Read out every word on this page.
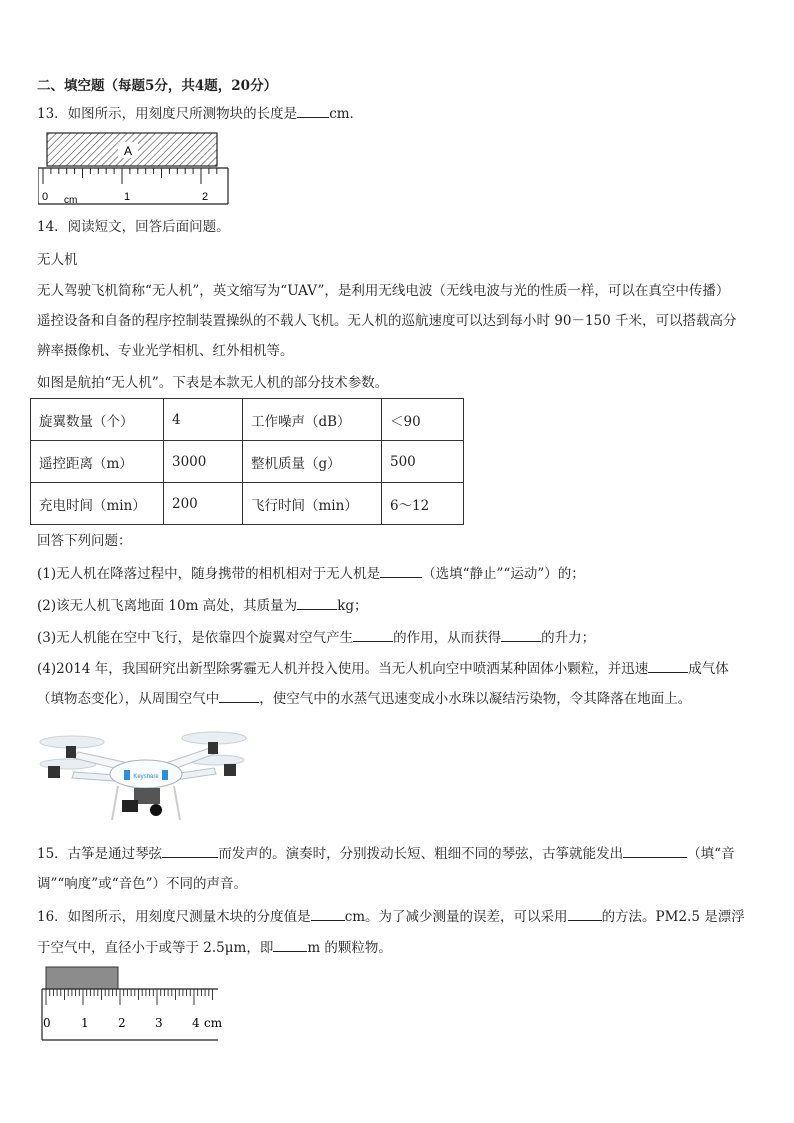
二、填空题（每题5分，共4题，20分）
13．如图所示，用刻度尺所测物块的长度是 cm．
A
0 cm	1	2
14．阅读短文，回答后面问题。
无人机
无人驾驶飞机简称“无人机”，英文缩写为“UAV”，是利用无线电波（无线电波与光的性质一样，可以在真空中传播）
遥控设备和自备的程序控制装置操纵的不载人飞机。无人机的巡航速度可以达到每小时 90－150 千米，可以搭载高分
辨率摄像机、专业光学相机、红外相机等。
如图是航拍“无人机”。下表是本款无人机的部分技术参数。
旋翼数量（个）	4	工作噪声（dB）	＜90
遥控距离（m）	3000	整机质量（g）	500
充电时间（min）	200	飞行时间（min）	6～12
回答下列问题：
(1)无人机在降落过程中，随身携带的相机相对于无人机是	（选填“静止”“运动”）的；
(2)该无人机飞离地面 10m 高处，其质量为	kg；
(3)无人机能在空中飞行，是依靠四个旋翼对空气产生	的作用，从而获得	的升力；
(4)2014 年，我国研究出新型除雾霾无人机并投入使用。当无人机向空中喷洒某种固体小颗粒，并迅速	成气体
（填物态变化），从周围空气中	，使空气中的水蒸气迅速变成小水珠以凝结污染物，令其降落在地面上。
Keyshare
15．古筝是通过琴弦	而发声的。演奏时，分别拨动长短、粗细不同的琴弦，古筝就能发出	（填“音
调”“响度”或“音色”）不同的声音。
16．如图所示，用刻度尺测量木块的分度值是	cm。为了减少测量的误差，可以采用	的方法。PM2.5 是漂浮
于空气中，直径小于或等于 2.5μm，即	m 的颗粒物。
0	1 2 3 4 cm
